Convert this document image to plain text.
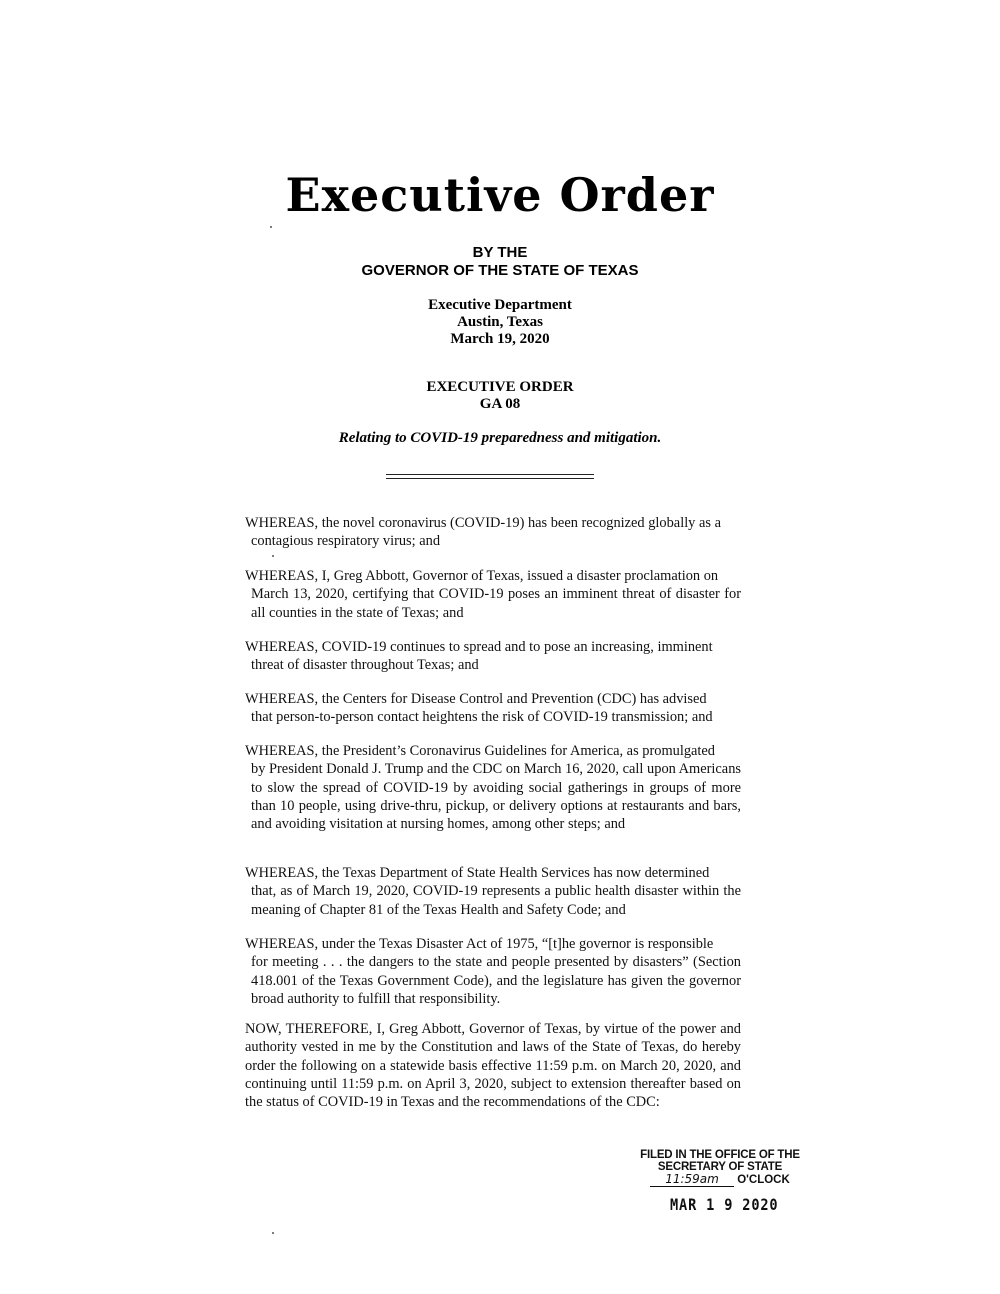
Executive Order
BY THE
GOVERNOR OF THE STATE OF TEXAS
Executive Department
Austin, Texas
March 19, 2020
EXECUTIVE ORDER
GA 08
Relating to COVID-19 preparedness and mitigation.
WHEREAS, the novel coronavirus (COVID-19) has been recognized globally as a
contagious respiratory virus; and
WHEREAS, I, Greg Abbott, Governor of Texas, issued a disaster proclamation on
March 13, 2020, certifying that COVID-19 poses an imminent threat of disaster for all counties in the state of Texas; and
WHEREAS, COVID-19 continues to spread and to pose an increasing, imminent
threat of disaster throughout Texas; and
WHEREAS, the Centers for Disease Control and Prevention (CDC) has advised
that person-to-person contact heightens the risk of COVID-19 transmission; and
WHEREAS, the President’s Coronavirus Guidelines for America, as promulgated
by President Donald J. Trump and the CDC on March 16, 2020, call upon Americans to slow the spread of COVID-19 by avoiding social gatherings in groups of more than 10 people, using drive-thru, pickup, or delivery options at restaurants and bars, and avoiding visitation at nursing homes, among other steps; and
WHEREAS, the Texas Department of State Health Services has now determined
that, as of March 19, 2020, COVID-19 represents a public health disaster within the meaning of Chapter 81 of the Texas Health and Safety Code; and
WHEREAS, under the Texas Disaster Act of 1975, “[t]he governor is responsible
for meeting . . . the dangers to the state and people presented by disasters” (Section 418.001 of the Texas Government Code), and the legislature has given the governor broad authority to fulfill that responsibility.
NOW, THEREFORE, I, Greg Abbott, Governor of Texas, by virtue of the power and authority vested in me by the Constitution and laws of the State of Texas, do hereby order the following on a statewide basis effective 11:59 p.m. on March 20, 2020, and continuing until 11:59 p.m. on April 3, 2020, subject to extension thereafter based on the status of COVID-19 in Texas and the recommendations of the CDC:
FILED IN THE OFFICE OF THE
SECRETARY OF STATE
11:59am O'CLOCK
MAR 1 9 2020
